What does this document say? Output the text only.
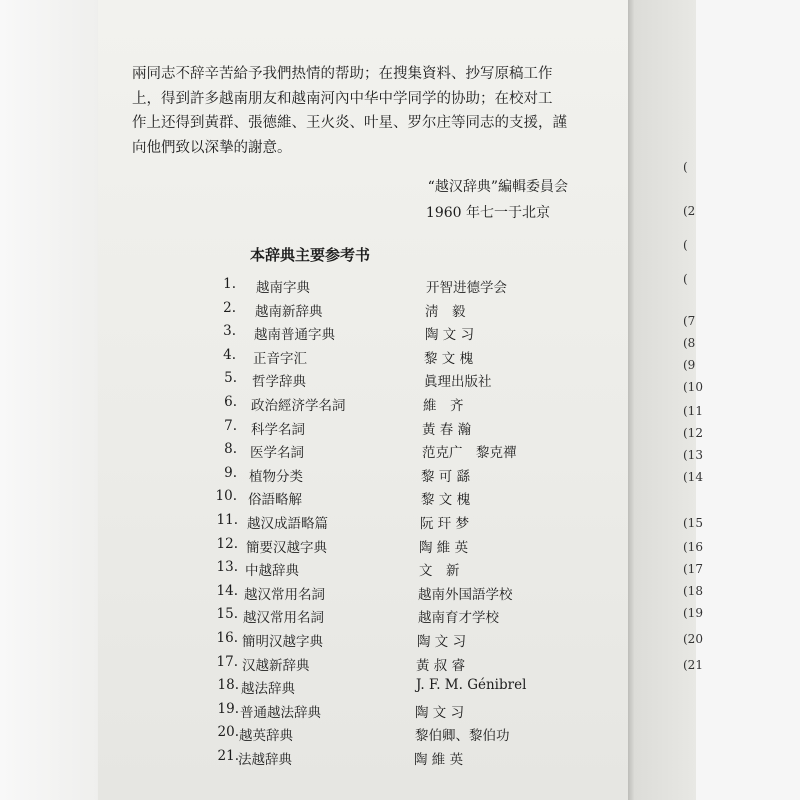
兩同志不辞辛苦給予我們热情的帮助；在搜集資料、抄写原稿工作
上，得到許多越南朋友和越南河內中华中学同学的协助；在校对工
作上还得到黃群、張德維、王火炎、叶星、罗尔庄等同志的支援，謹
向他們致以深摯的謝意。
“越汉辞典”編輯委員会
1960 年七一于北京
本辞典主要参考书
1. 越南字典	开智进德学会
2. 越南新辞典	淸　毅
3. 越南普通字典	陶 文 习
4. 正音字汇	黎 文 槐
5. 哲学辞典	眞理出版社
6. 政治經济学名詞	維　齐
7. 科学名詞	黃 春 瀚
8. 医学名詞	范克广　黎克禪
9. 植物分类	黎 可 繇
10. 俗語略解	黎 文 槐
11. 越汉成語略篇	阮 玕 梦
12. 簡要汉越字典	陶 維 英
13. 中越辞典	文　新
14. 越汉常用名詞	越南外国語学校
15. 越汉常用名詞	越南育才学校
16. 簡明汉越字典	陶 文 习
17. 汉越新辞典	黃 叔 睿
18. 越法辞典	J. F. M. Génibrel
19. 普通越法辞典	陶 文 习
20. 越英辞典	黎伯卿、黎伯功
21. 法越辞典	陶 維 英
(
(2
(
(
(7
(8
(9
(10
(11
(12
(13
(14
(15
(16
(17
(18
(19
(20
(21
